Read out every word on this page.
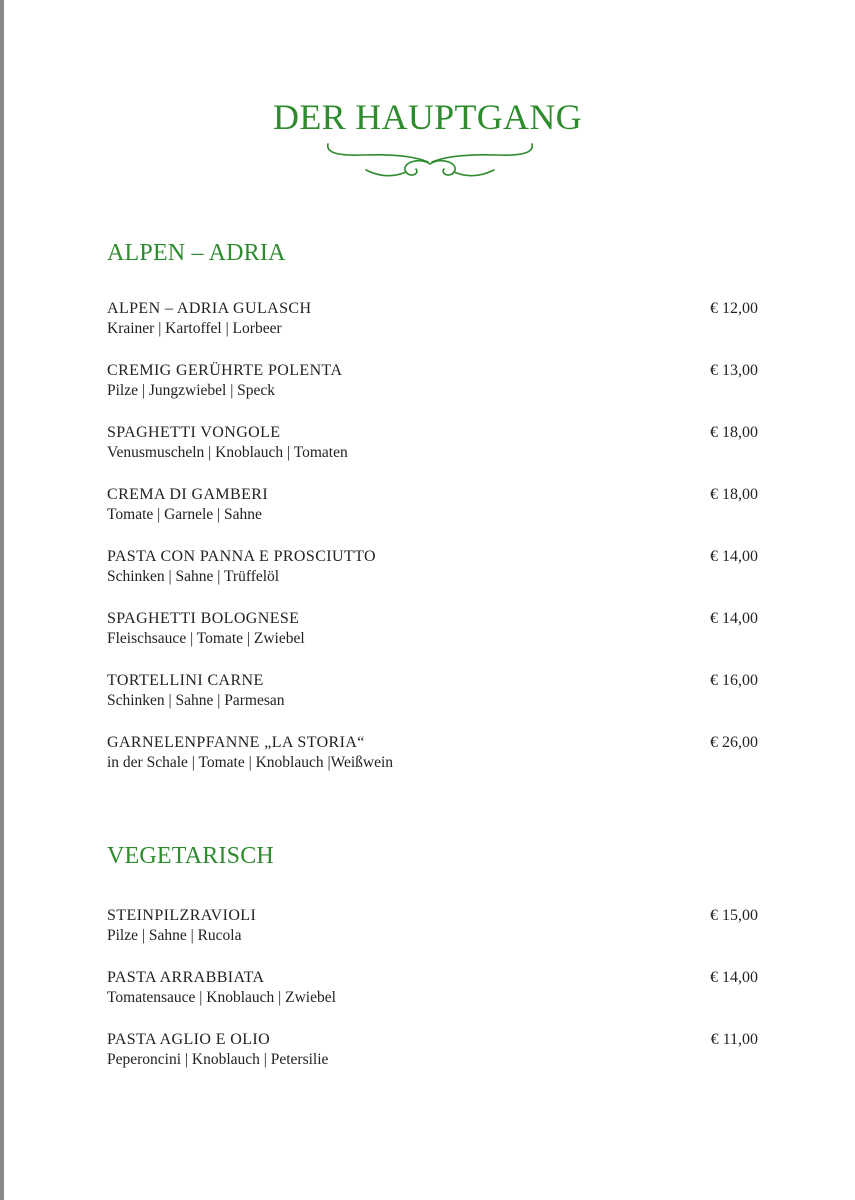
DER HAUPTGANG
ALPEN – ADRIA
ALPEN – ADRIA GULASCH
Krainer | Kartoffel | Lorbeer
€ 12,00
CREMIG GERÜHRTE POLENTA
Pilze | Jungzwiebel | Speck
€ 13,00
SPAGHETTI VONGOLE
Venusmuscheln | Knoblauch | Tomaten
€ 18,00
CREMA DI GAMBERI
Tomate | Garnele | Sahne
€ 18,00
PASTA CON PANNA E PROSCIUTTO
Schinken | Sahne | Trüffelöl
€ 14,00
SPAGHETTI BOLOGNESE
Fleischsauce | Tomate | Zwiebel
€ 14,00
TORTELLINI CARNE
Schinken | Sahne | Parmesan
€ 16,00
GARNELENPFANNE „LA STORIA“
in der Schale | Tomate | Knoblauch |Weißwein
€ 26,00
VEGETARISCH
STEINPILZRAVIOLI
Pilze | Sahne | Rucola
€ 15,00
PASTA ARRABBIATA
Tomatensauce | Knoblauch | Zwiebel
€ 14,00
PASTA AGLIO E OLIO
Peperoncini | Knoblauch | Petersilie
€ 11,00
